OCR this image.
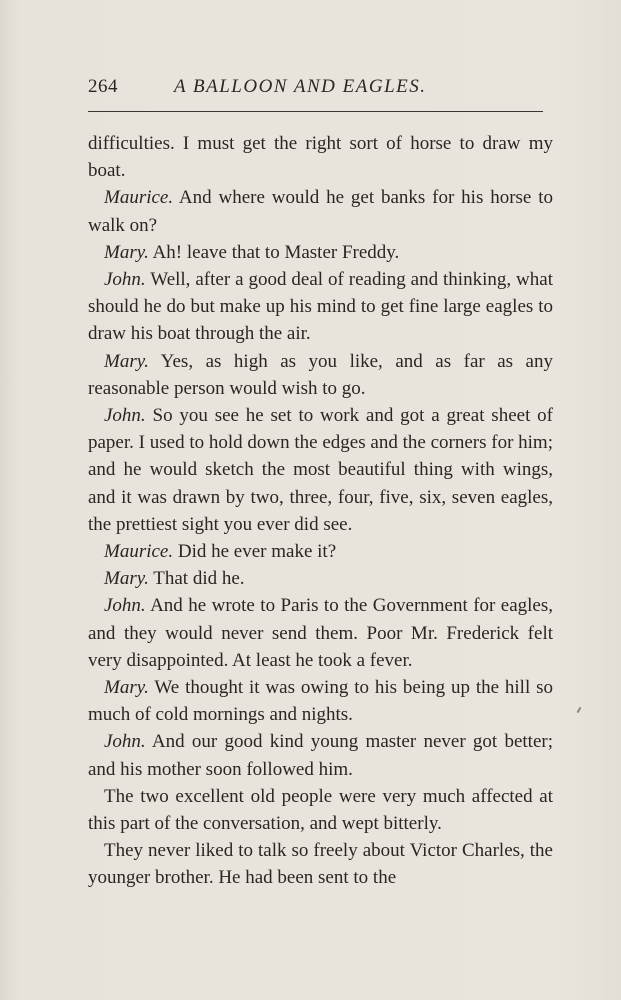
264	A BALLOON AND EAGLES.

difficulties. I must get the right sort of horse to draw my boat.

Maurice. And where would he get banks for his horse to walk on?

Mary. Ah! leave that to Master Freddy.

John. Well, after a good deal of reading and thinking, what should he do but make up his mind to get fine large eagles to draw his boat through the air.

Mary. Yes, as high as you like, and as far as any reasonable person would wish to go.

John. So you see he set to work and got a great sheet of paper. I used to hold down the edges and the corners for him; and he would sketch the most beautiful thing with wings, and it was drawn by two, three, four, five, six, seven eagles, the prettiest sight you ever did see.

Maurice. Did he ever make it?

Mary. That did he.

John. And he wrote to Paris to the Government for eagles, and they would never send them. Poor Mr. Frederick felt very disappointed. At least he took a fever.

Mary. We thought it was owing to his being up the hill so much of cold mornings and nights.

John. And our good kind young master never got better; and his mother soon followed him.

The two excellent old people were very much affected at this part of the conversation, and wept bitterly.

They never liked to talk so freely about Victor Charles, the younger brother. He had been sent to the
